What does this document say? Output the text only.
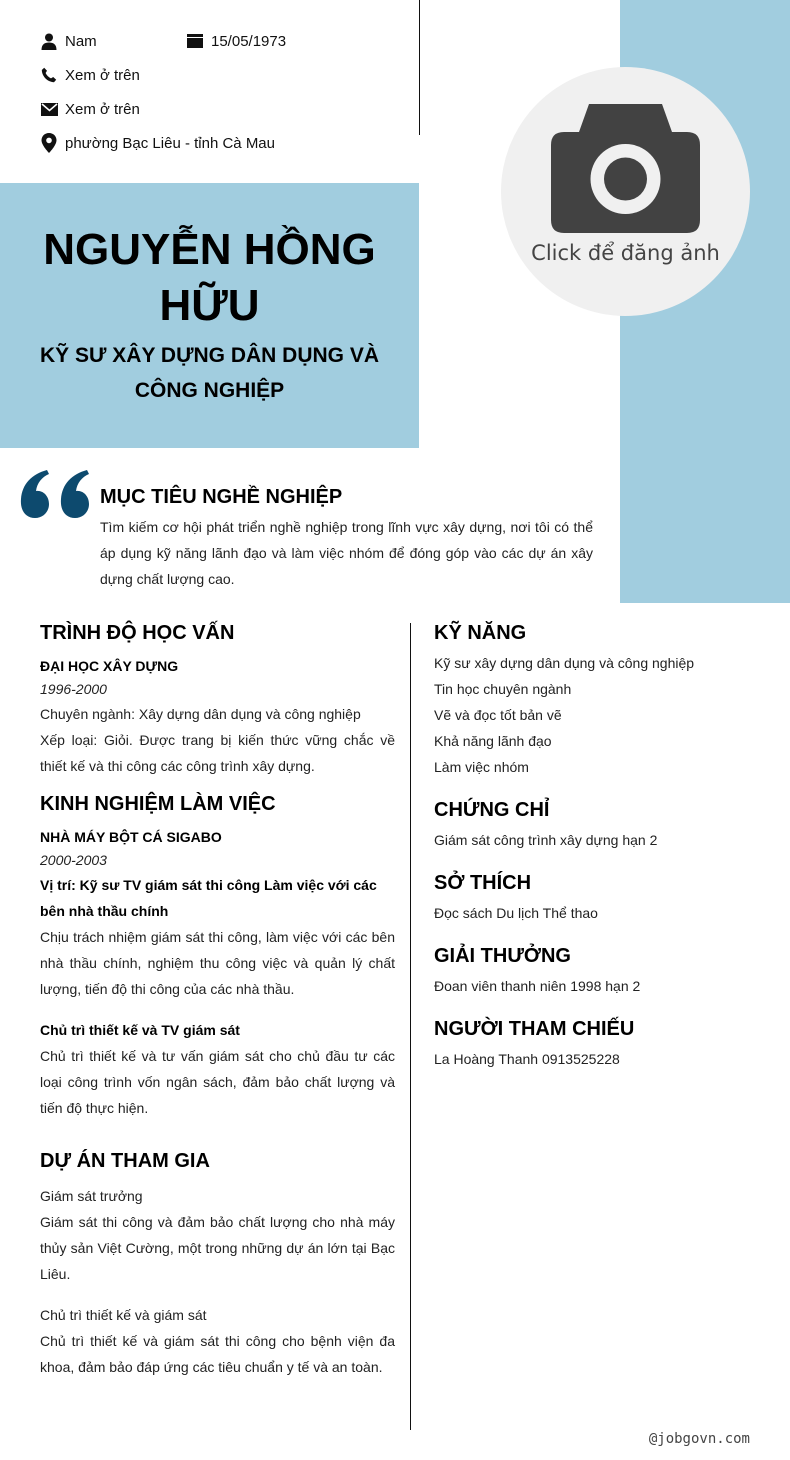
Nam	15/05/1973
Xem ở trên
Xem ở trên
phường Bạc Liêu - tỉnh Cà Mau
NGUYỄN HỒNG
HỮU
KỸ SƯ XÂY DỰNG DÂN DỤNG VÀ
CÔNG NGHIỆP
Click để đăng ảnh
MỤC TIÊU NGHỀ NGHIỆP
Tìm kiếm cơ hội phát triển nghề nghiệp trong lĩnh vực xây dựng, nơi tôi có thể áp dụng kỹ năng lãnh đạo và làm việc nhóm để đóng góp vào các dự án xây dựng chất lượng cao.
TRÌNH ĐỘ HỌC VẤN
ĐẠI HỌC XÂY DỰNG
1996-2000
Chuyên ngành: Xây dựng dân dụng và công nghiệp
Xếp loại: Giỏi. Được trang bị kiến thức vững chắc về thiết kế và thi công các công trình xây dựng.
KINH NGHIỆM LÀM VIỆC
NHÀ MÁY BỘT CÁ SIGABO
2000-2003
Vị trí: Kỹ sư TV giám sát thi công Làm việc với các bên nhà thầu chính
Chịu trách nhiệm giám sát thi công, làm việc với các bên nhà thầu chính, nghiệm thu công việc và quản lý chất lượng, tiến độ thi công của các nhà thầu.
Chủ trì thiết kế và TV giám sát
Chủ trì thiết kế và tư vấn giám sát cho chủ đầu tư các loại công trình vốn ngân sách, đảm bảo chất lượng và tiến độ thực hiện.
DỰ ÁN THAM GIA
Giám sát trưởng
Giám sát thi công và đảm bảo chất lượng cho nhà máy thủy sản Việt Cường, một trong những dự án lớn tại Bạc Liêu.
Chủ trì thiết kế và giám sát
Chủ trì thiết kế và giám sát thi công cho bệnh viện đa khoa, đảm bảo đáp ứng các tiêu chuẩn y tế và an toàn.
KỸ NĂNG
Kỹ sư xây dựng dân dụng và công nghiệp
Tin học chuyên ngành
Vẽ và đọc tốt bản vẽ
Khả năng lãnh đạo
Làm việc nhóm
CHỨNG CHỈ
Giám sát công trình xây dựng hạn 2
SỞ THÍCH
Đọc sách Du lịch Thể thao
GIẢI THƯỞNG
Đoan viên thanh niên 1998 hạn 2
NGƯỜI THAM CHIẾU
La Hoàng Thanh 0913525228
@jobgovn.com
